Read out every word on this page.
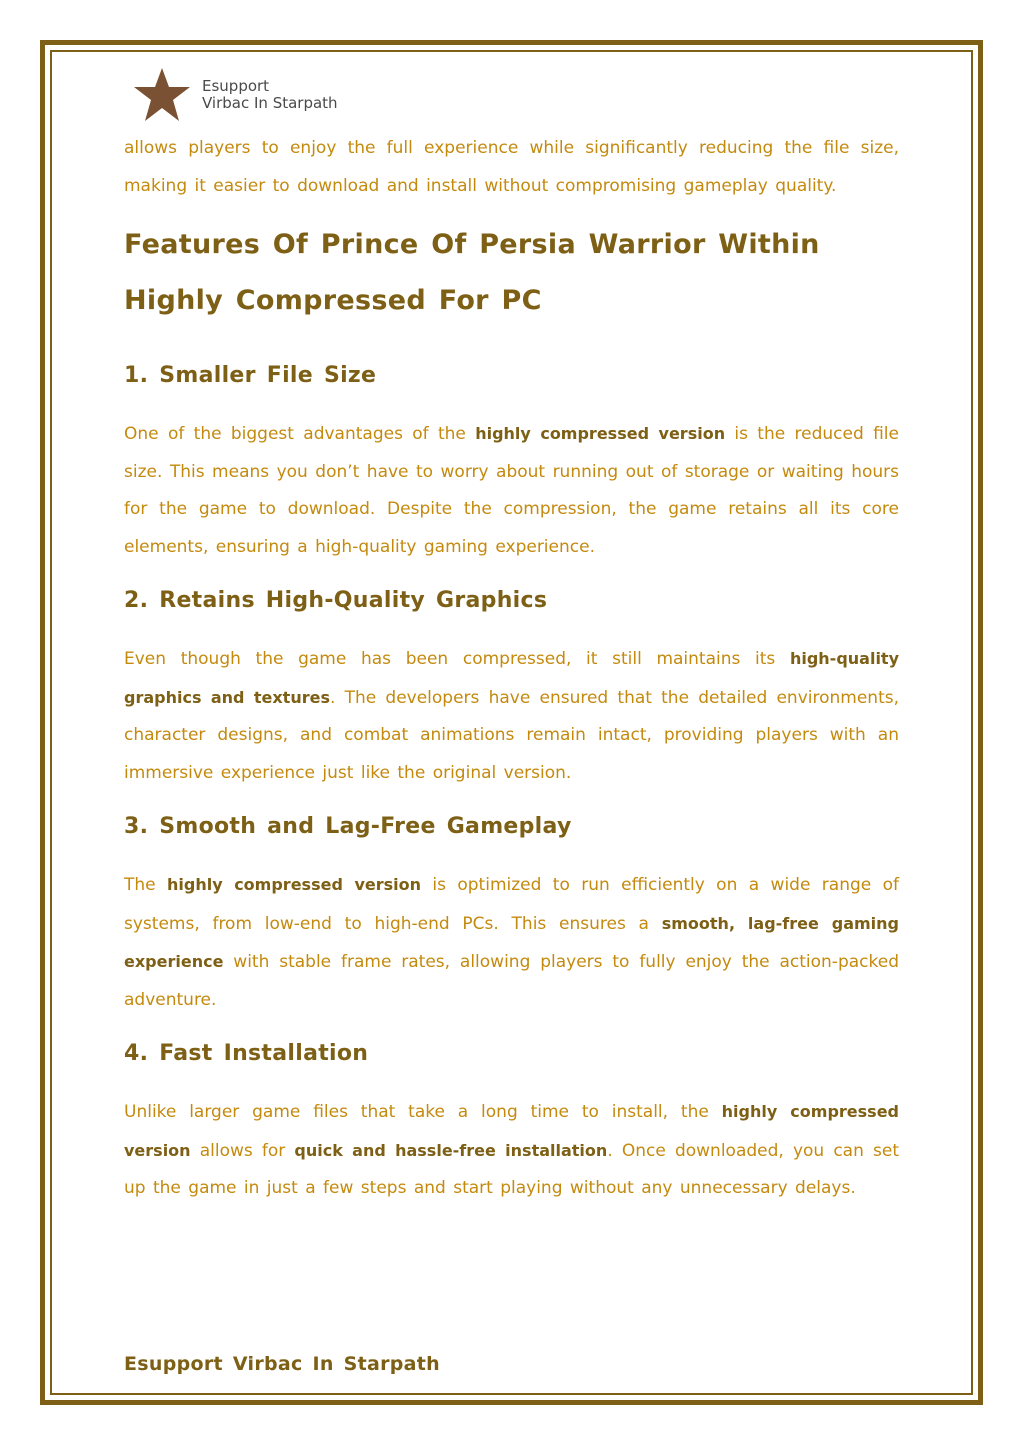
Esupport
Virbac In Starpath

allows players to enjoy the full experience while significantly reducing the file size, making it easier to download and install without compromising gameplay quality.

Features Of Prince Of Persia Warrior Within Highly Compressed For PC
1. Smaller File Size

One of the biggest advantages of the highly compressed version is the reduced file size. This means you don’t have to worry about running out of storage or waiting hours for the game to download. Despite the compression, the game retains all its core elements, ensuring a high-quality gaming experience.

2. Retains High-Quality Graphics

Even though the game has been compressed, it still maintains its high-quality graphics and textures. The developers have ensured that the detailed environments, character designs, and combat animations remain intact, providing players with an immersive experience just like the original version.

3. Smooth and Lag-Free Gameplay

The highly compressed version is optimized to run efficiently on a wide range of systems, from low-end to high-end PCs. This ensures a smooth, lag-free gaming experience with stable frame rates, allowing players to fully enjoy the action-packed adventure.

4. Fast Installation

Unlike larger game files that take a long time to install, the highly compressed version allows for quick and hassle-free installation. Once downloaded, you can set up the game in just a few steps and start playing without any unnecessary delays.

Esupport Virbac In Starpath
